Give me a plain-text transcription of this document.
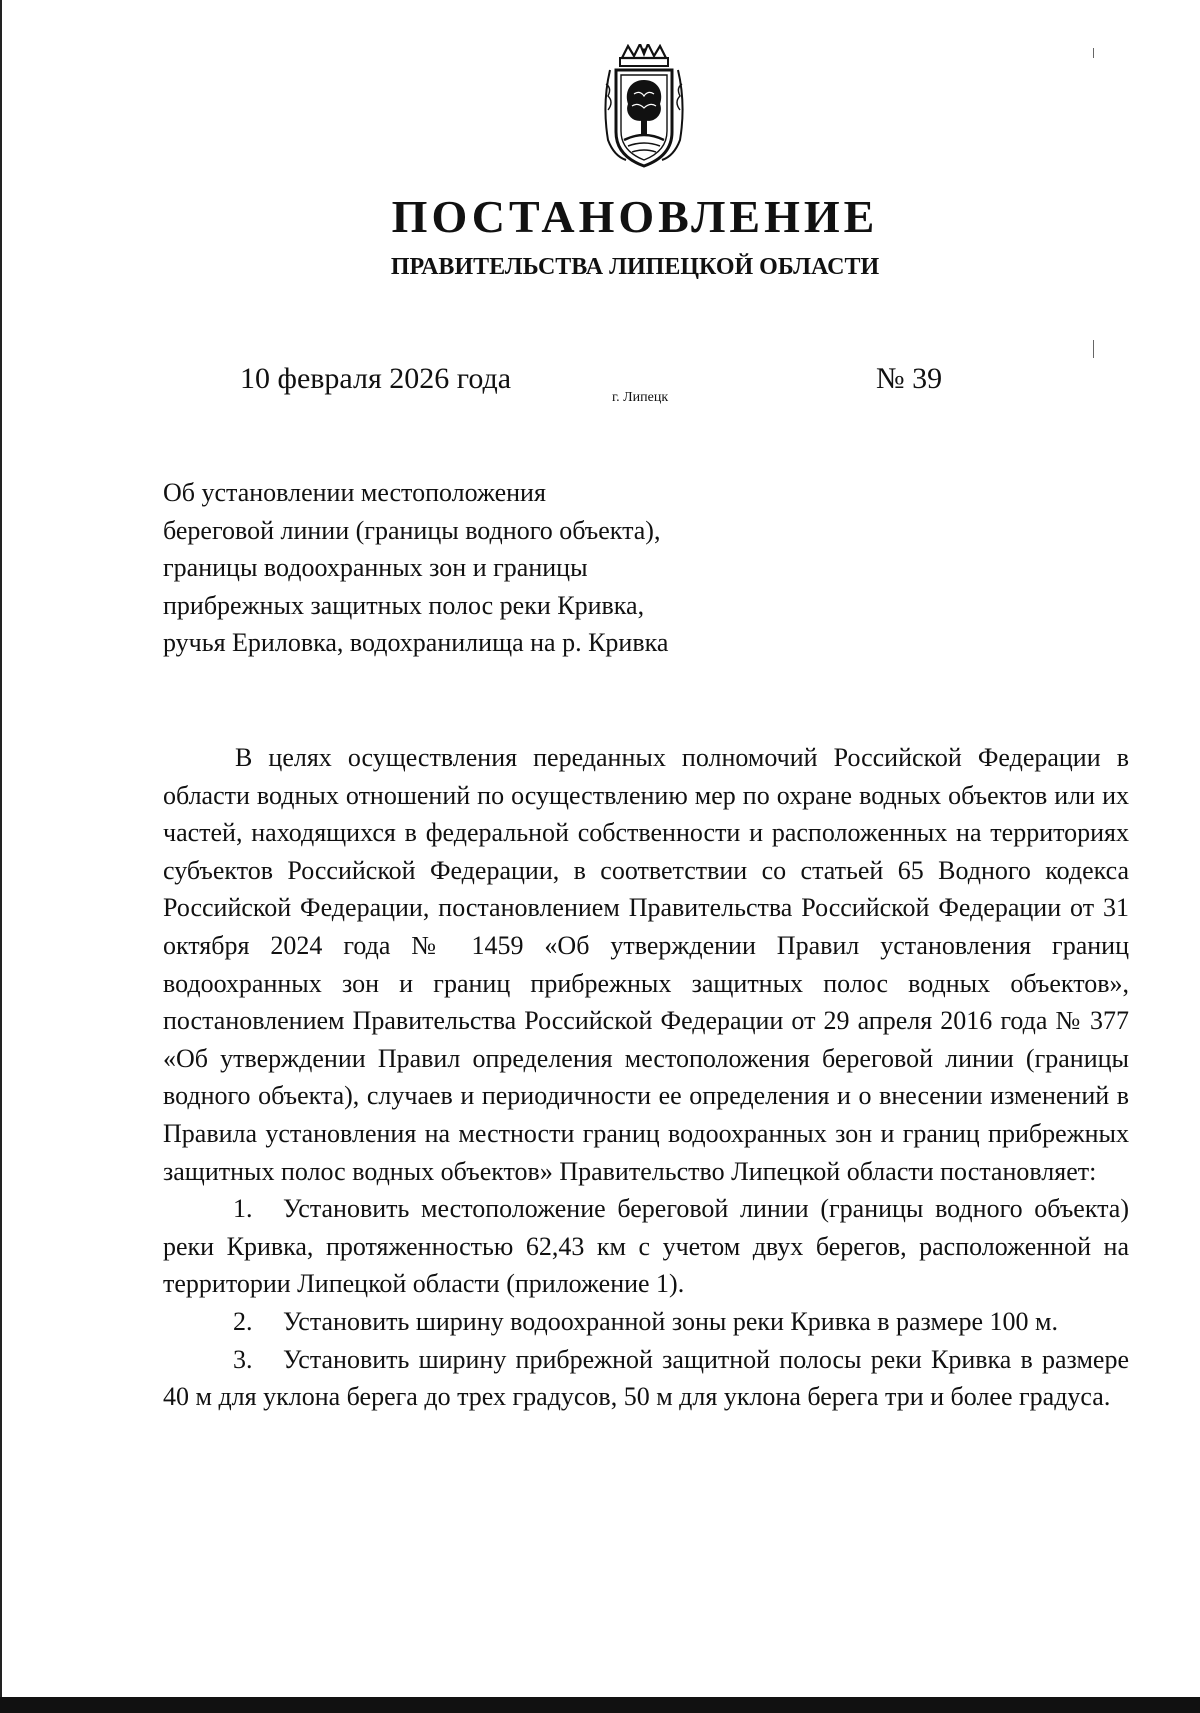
ПОСТАНОВЛЕНИЕ
ПРАВИТЕЛЬСТВА ЛИПЕЦКОЙ ОБЛАСТИ
10 февраля 2026 года
г. Липецк
№ 39
Об установлении местоположения
береговой линии (границы водного объекта),
границы водоохранных зон и границы
прибрежных защитных полос реки Кривка,
ручья Ериловка, водохранилища на р. Кривка

В целях осуществления переданных полномочий Российской Федерации в области водных отношений по осуществлению мер по охране водных объектов или их частей, находящихся в федеральной собственности и расположенных на территориях субъектов Российской Федерации, в соответствии со статьей 65 Водного кодекса Российской Федерации, постановлением Правительства Российской Федерации от 31 октября 2024 года № 1459 «Об утверждении Правил установления границ водоохранных зон и границ прибрежных защитных полос водных объектов», постановлением Правительства Российской Федерации от 29 апреля 2016 года № 377 «Об утверждении Правил определения местоположения береговой линии (границы водного объекта), случаев и периодичности ее определения и о внесении изменений в Правила установления на местности границ водоохранных зон и границ прибрежных защитных полос водных объектов» Правительство Липецкой области постановляет:

1. Установить местоположение береговой линии (границы водного объекта) реки Кривка, протяженностью 62,43 км с учетом двух берегов, расположенной на территории Липецкой области (приложение 1).

2. Установить ширину водоохранной зоны реки Кривка в размере 100 м.

3. Установить ширину прибрежной защитной полосы реки Кривка в размере 40 м для уклона берега до трех градусов, 50 м для уклона берега три и более градуса.
